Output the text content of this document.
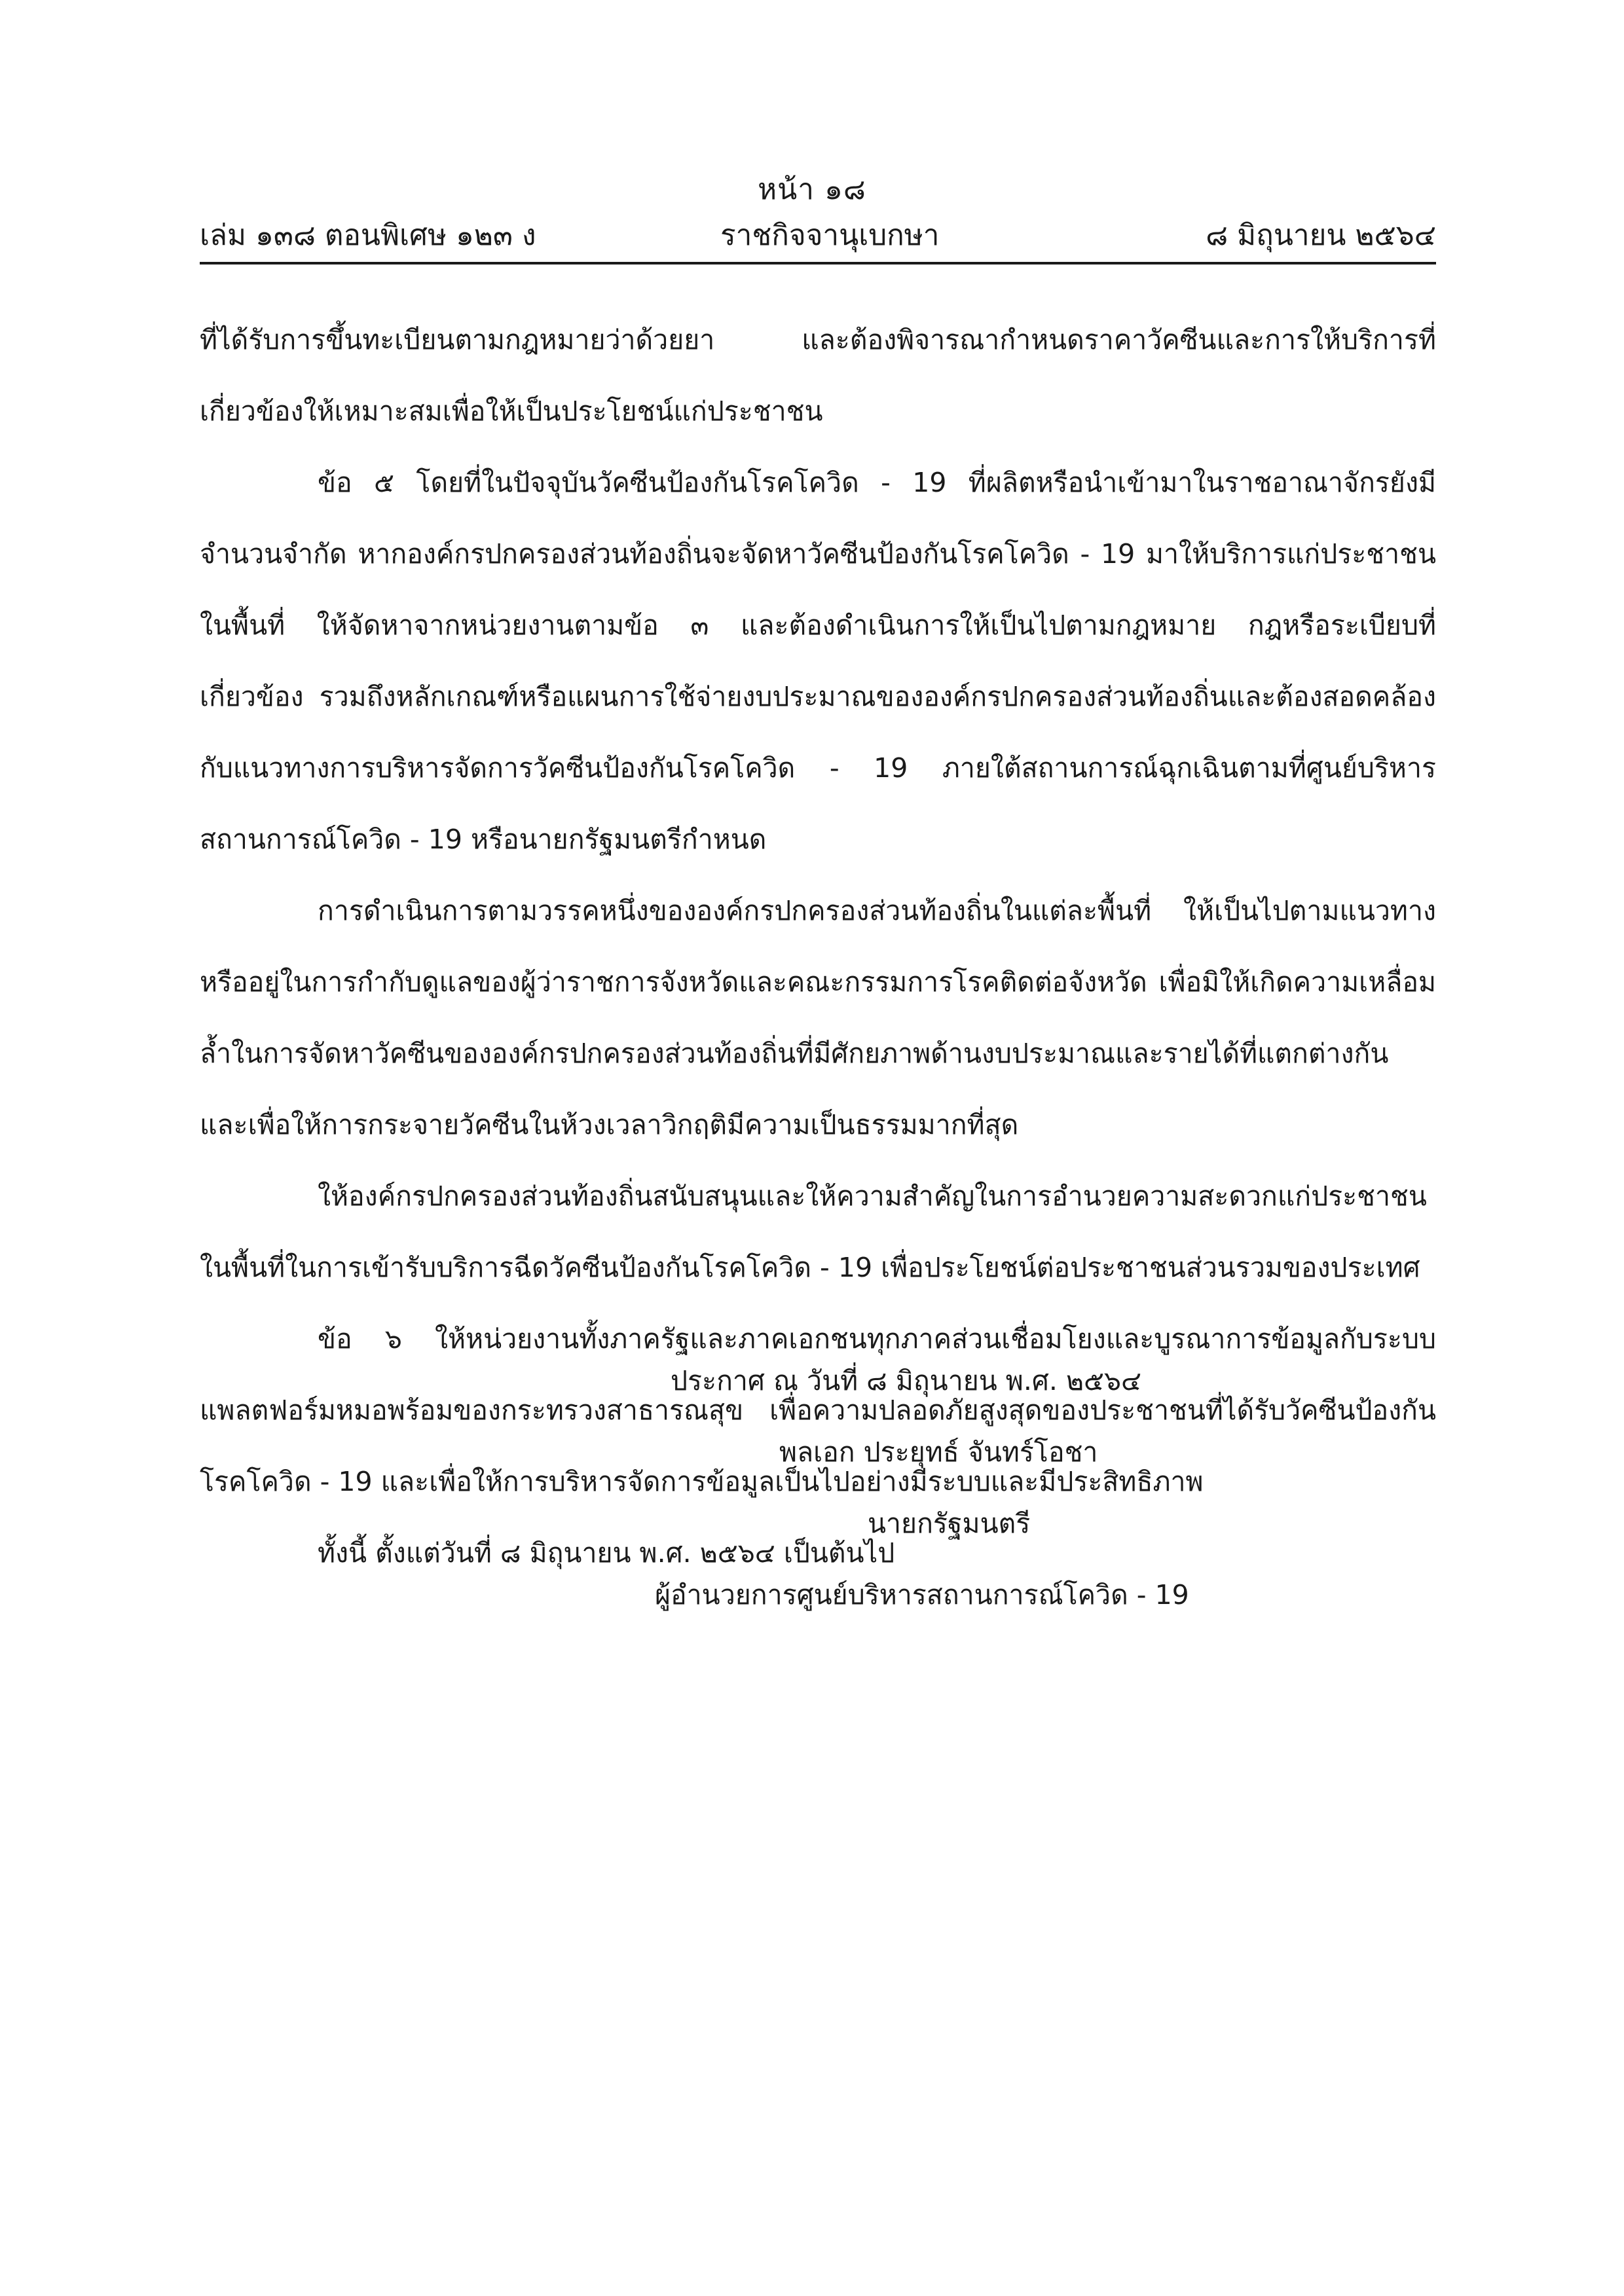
หน้า ๑๘
เล่ม ๑๓๘ ตอนพิเศษ ๑๒๓ ง	ราชกิจจานุเบกษา	๘ มิถุนายน ๒๕๖๔

ที่ได้รับการขึ้นทะเบียนตามกฎหมายว่าด้วยยา และต้องพิจารณากำหนดราคาวัคซีนและการให้บริการที่เกี่ยวข้องให้เหมาะสมเพื่อให้เป็นประโยชน์แก่ประชาชน

ข้อ ๕ โดยที่ในปัจจุบันวัคซีนป้องกันโรคโควิด - 19 ที่ผลิตหรือนำเข้ามาในราชอาณาจักรยังมีจำนวนจำกัด หากองค์กรปกครองส่วนท้องถิ่นจะจัดหาวัคซีนป้องกันโรคโควิด - 19 มาให้บริการแก่ประชาชนในพื้นที่ ให้จัดหาจากหน่วยงานตามข้อ ๓ และต้องดำเนินการให้เป็นไปตามกฎหมาย กฎหรือระเบียบที่เกี่ยวข้อง รวมถึงหลักเกณฑ์หรือแผนการใช้จ่ายงบประมาณขององค์กรปกครองส่วนท้องถิ่นและต้องสอดคล้องกับแนวทางการบริหารจัดการวัคซีนป้องกันโรคโควิด - 19 ภายใต้สถานการณ์ฉุกเฉินตามที่ศูนย์บริหารสถานการณ์โควิด - 19 หรือนายกรัฐมนตรีกำหนด

การดำเนินการตามวรรคหนึ่งขององค์กรปกครองส่วนท้องถิ่นในแต่ละพื้นที่ ให้เป็นไปตามแนวทางหรืออยู่ในการกำกับดูแลของผู้ว่าราชการจังหวัดและคณะกรรมการโรคติดต่อจังหวัด เพื่อมิให้เกิดความเหลื่อมล้ำในการจัดหาวัคซีนขององค์กรปกครองส่วนท้องถิ่นที่มีศักยภาพด้านงบประมาณและรายได้ที่แตกต่างกัน และเพื่อให้การกระจายวัคซีนในห้วงเวลาวิกฤติมีความเป็นธรรมมากที่สุด

ให้องค์กรปกครองส่วนท้องถิ่นสนับสนุนและให้ความสำคัญในการอำนวยความสะดวกแก่ประชาชนในพื้นที่ในการเข้ารับบริการฉีดวัคซีนป้องกันโรคโควิด - 19 เพื่อประโยชน์ต่อประชาชนส่วนรวมของประเทศ

ข้อ ๖ ให้หน่วยงานทั้งภาครัฐและภาคเอกชนทุกภาคส่วนเชื่อมโยงและบูรณาการข้อมูลกับระบบแพลตฟอร์มหมอพร้อมของกระทรวงสาธารณสุข เพื่อความปลอดภัยสูงสุดของประชาชนที่ได้รับวัคซีนป้องกันโรคโควิด - 19 และเพื่อให้การบริหารจัดการข้อมูลเป็นไปอย่างมีระบบและมีประสิทธิภาพ

ทั้งนี้ ตั้งแต่วันที่ ๘ มิถุนายน พ.ศ. ๒๕๖๔ เป็นต้นไป

ประกาศ ณ วันที่ ๘ มิถุนายน พ.ศ. ๒๕๖๔
พลเอก ประยุทธ์ จันทร์โอชา
นายกรัฐมนตรี
ผู้อำนวยการศูนย์บริหารสถานการณ์โควิด - 19
